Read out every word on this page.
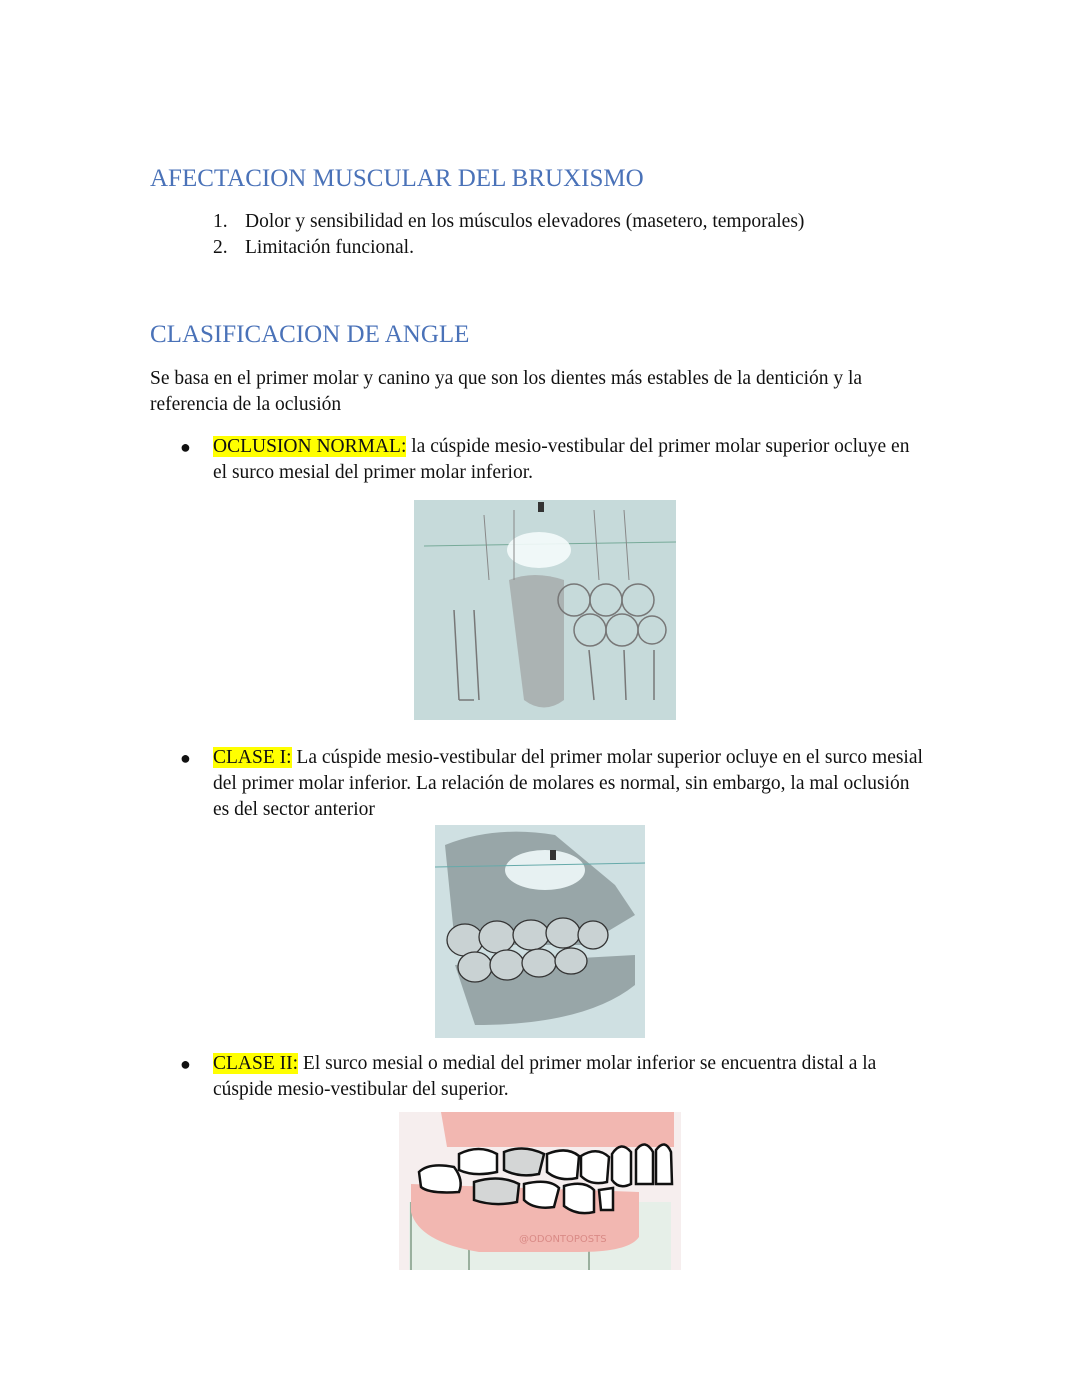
AFECTACION MUSCULAR DEL BRUXISMO
1. Dolor y sensibilidad en los músculos elevadores (masetero, temporales)
2. Limitación funcional.
CLASIFICACION DE ANGLE
Se basa en el primer molar y canino ya que son los dientes más estables de la dentición y la referencia de la oclusión
● OCLUSION NORMAL: la cúspide mesio-vestibular del primer molar superior ocluye en el surco mesial del primer molar inferior.
● CLASE I: La cúspide mesio-vestibular del primer molar superior ocluye en el surco mesial del primer molar inferior. La relación de molares es normal, sin embargo, la mal oclusión es del sector anterior
● CLASE II: El surco mesial o medial del primer molar inferior se encuentra distal a la cúspide mesio-vestibular del superior.
@ODONTOPOSTS
